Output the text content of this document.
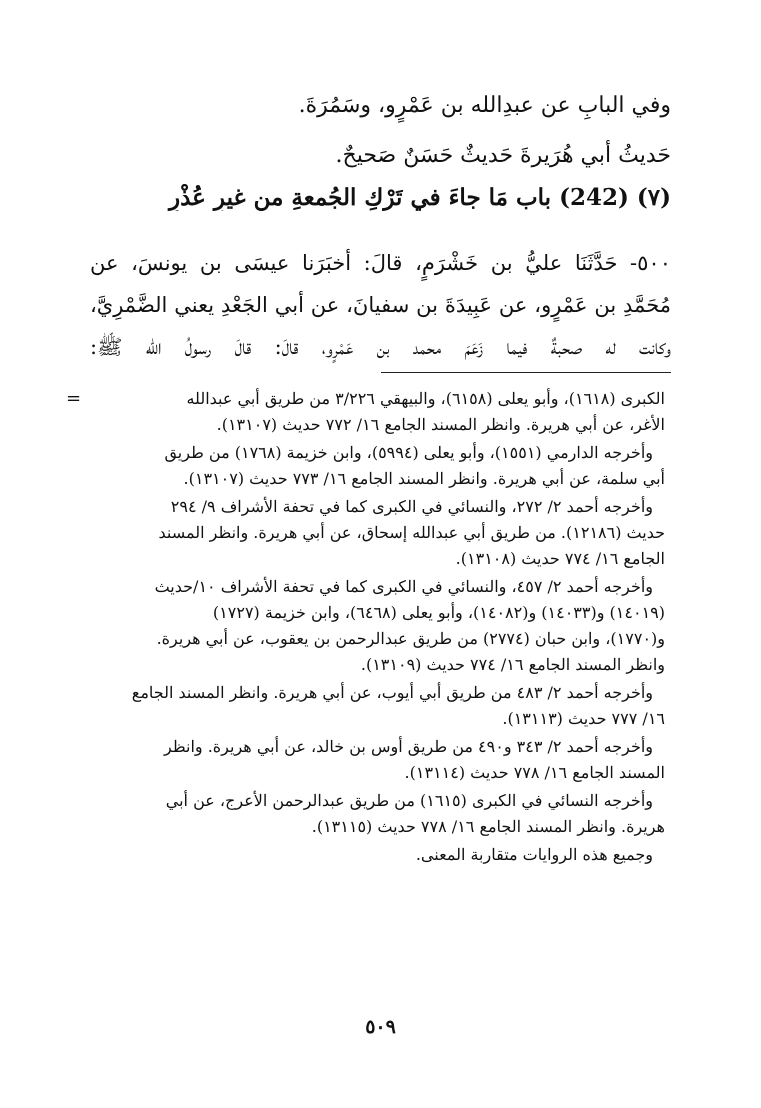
وفي البابِ عن عبدِالله بن عَمْرٍو، وسَمُرَةَ.
حَديثُ أبي هُرَيرةَ حَديثٌ حَسَنٌ صَحيحٌ.
(٧) (242) باب مَا جاءَ في تَرْكِ الجُمعةِ من غيرِ عُذْرٍ
٥٠٠- حَدَّثَنَا عليُّ بن خَشْرَمٍ، قالَ: أخبَرَنا عيسَى بن يونسَ، عن
مُحَمَّدِ بن عَمْرٍو، عن عَبِيدَةَ بن سفيانَ، عن أبي الجَعْدِ يعني الضَّمْرِيَّ،
وكانت له صحبةٌ فيما زَعَمَ محمد بن عَمْرٍو، قالَ: قالَ رسولُ الله ﷺ:
=	الكبرى (١٦١٨)، وأبو يعلى (٦١٥٨)، والبيهقي ٣/٢٢٦ من طريق أبي عبدالله
الأغر، عن أبي هريرة. وانظر المسند الجامع ١٦/ ٧٧٢ حديث (١٣١٠٧).
وأخرجه الدارمي (١٥٥١)، وأبو يعلى (٥٩٩٤)، وابن خزيمة (١٧٦٨) من طريق
أبي سلمة، عن أبي هريرة. وانظر المسند الجامع ١٦/ ٧٧٣ حديث (١٣١٠٧).
وأخرجه أحمد ٢/ ٢٧٢، والنسائي في الكبرى كما في تحفة الأشراف ٩/ ٢٩٤
حديث (١٢١٨٦). من طريق أبي عبدالله إسحاق، عن أبي هريرة. وانظر المسند
الجامع ١٦/ ٧٧٤ حديث (١٣١٠٨).
وأخرجه أحمد ٢/ ٤٥٧، والنسائي في الكبرى كما في تحفة الأشراف ١٠/حديث
(١٤٠١٩) و(١٤٠٣٣) و(١٤٠٨٢)، وأبو يعلى (٦٤٦٨)، وابن خزيمة (١٧٢٧)
و(١٧٧٠)، وابن حبان (٢٧٧٤) من طريق عبدالرحمن بن يعقوب، عن أبي هريرة.
وانظر المسند الجامع ١٦/ ٧٧٤ حديث (١٣١٠٩).
وأخرجه أحمد ٢/ ٤٨٣ من طريق أبي أيوب، عن أبي هريرة. وانظر المسند الجامع
١٦/ ٧٧٧ حديث (١٣١١٣).
وأخرجه أحمد ٢/ ٣٤٣ و٤٩٠ من طريق أوس بن خالد، عن أبي هريرة. وانظر
المسند الجامع ١٦/ ٧٧٨ حديث (١٣١١٤).
وأخرجه النسائي في الكبرى (١٦١٥) من طريق عبدالرحمن الأعرج، عن أبي
هريرة. وانظر المسند الجامع ١٦/ ٧٧٨ حديث (١٣١١٥).
وجميع هذه الروايات متقاربة المعنى.
٥٠٩
